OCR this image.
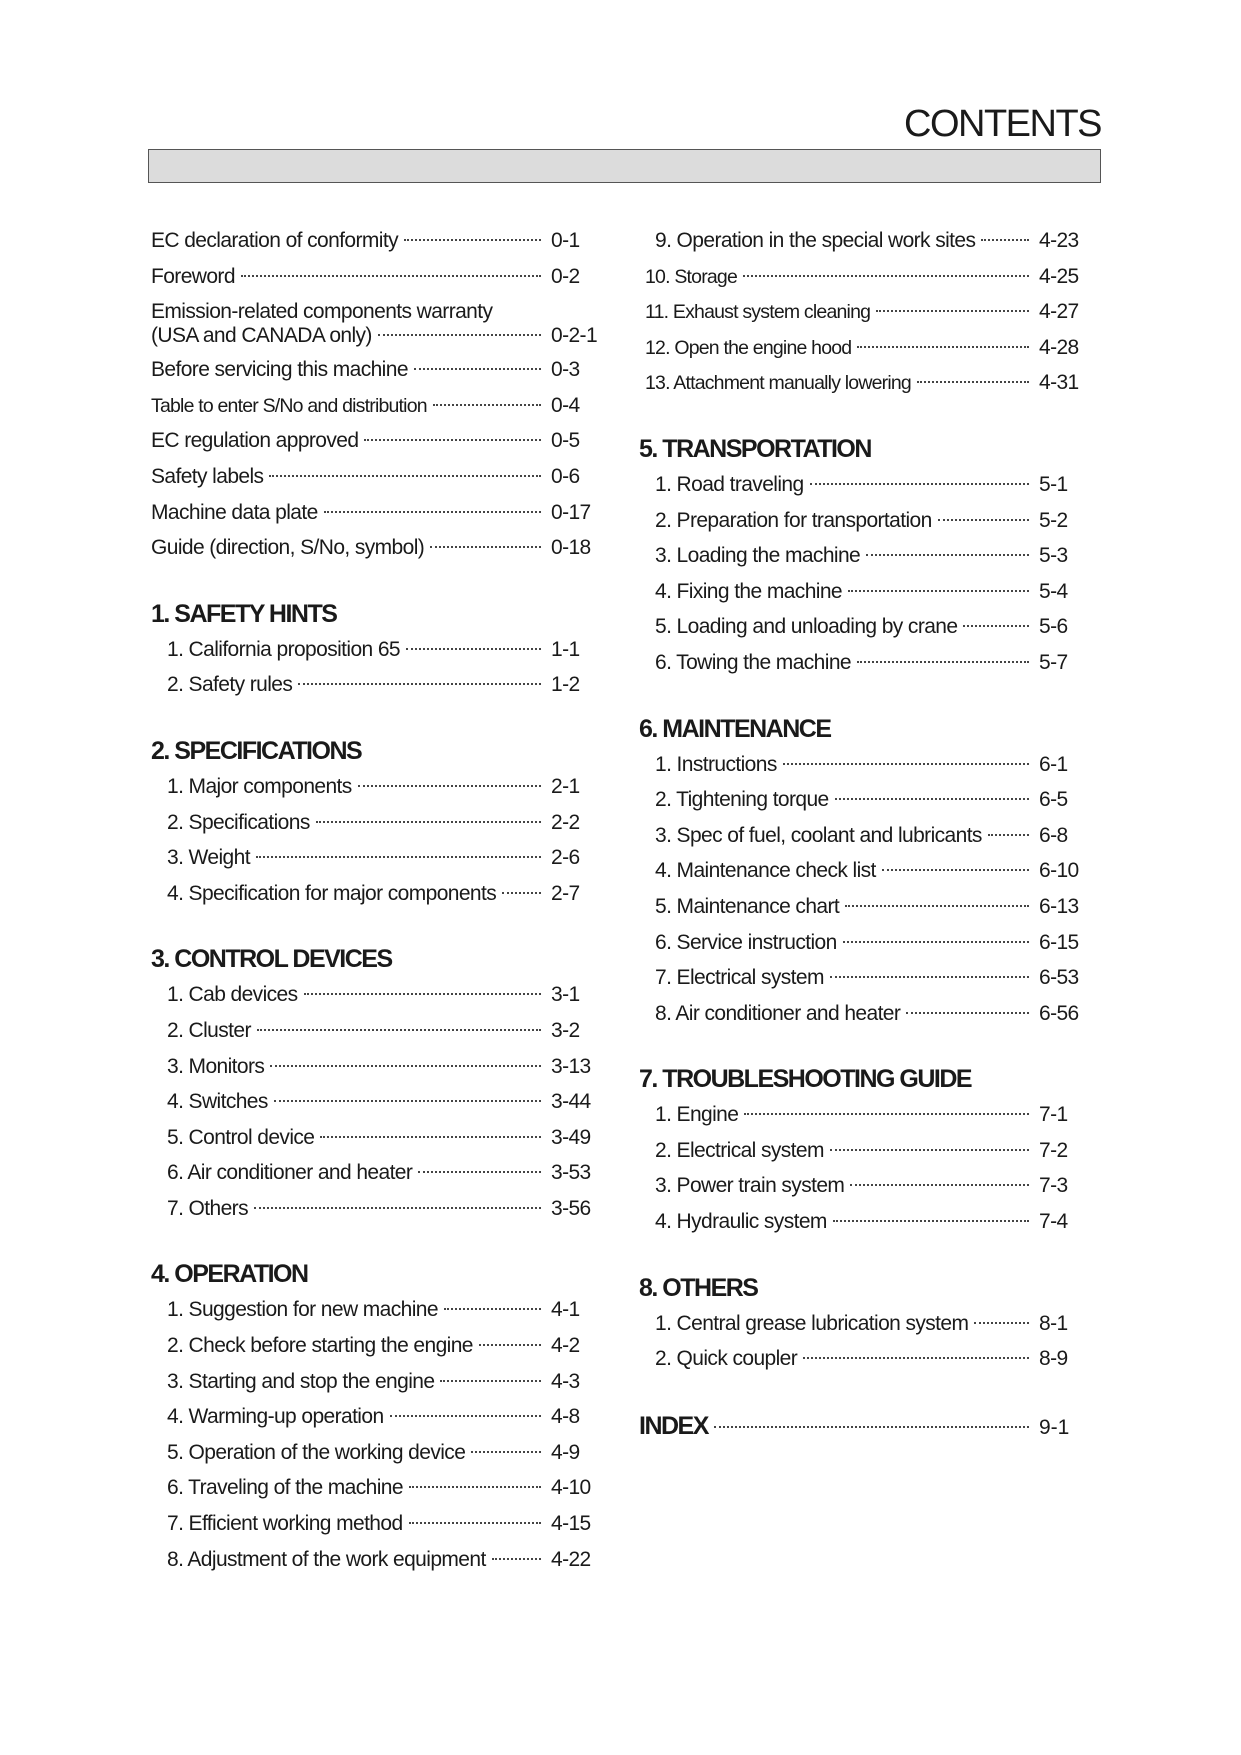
CONTENTS
EC declaration of conformity	0-1
Foreword	0-2
Emission-related components warranty
(USA and CANADA only)	0-2-1
Before servicing this machine	0-3
Table to enter S/No and distribution	0-4
EC regulation approved	0-5
Safety labels	0-6
Machine data plate	0-17
Guide (direction, S/No, symbol)	0-18
1. SAFETY HINTS
1. California proposition 65	1-1
2. Safety rules	1-2
2. SPECIFICATIONS
1. Major components	2-1
2. Specifications	2-2
3. Weight	2-6
4. Specification for major components	2-7
3. CONTROL DEVICES
1. Cab devices	3-1
2. Cluster	3-2
3. Monitors	3-13
4. Switches	3-44
5. Control device	3-49
6. Air conditioner and heater	3-53
7. Others	3-56
4. OPERATION
1. Suggestion for new machine	4-1
2. Check before starting the engine	4-2
3. Starting and stop the engine	4-3
4. Warming-up operation	4-8
5. Operation of the working device	4-9
6. Traveling of the machine	4-10
7. Efficient working method	4-15
8. Adjustment of the work equipment	4-22
9. Operation in the special work sites	4-23
10. Storage	4-25
11. Exhaust system cleaning	4-27
12. Open the engine hood	4-28
13. Attachment manually lowering	4-31
5. TRANSPORTATION
1. Road traveling	5-1
2. Preparation for transportation	5-2
3. Loading the machine	5-3
4. Fixing the machine	5-4
5. Loading and unloading by crane	5-6
6. Towing the machine	5-7
6. MAINTENANCE
1. Instructions	6-1
2. Tightening torque	6-5
3. Spec of fuel, coolant and lubricants	6-8
4. Maintenance check list	6-10
5. Maintenance chart	6-13
6. Service instruction	6-15
7. Electrical system	6-53
8. Air conditioner and heater	6-56
7. TROUBLESHOOTING GUIDE
1. Engine	7-1
2. Electrical system	7-2
3. Power train system	7-3
4. Hydraulic system	7-4
8. OTHERS
1. Central grease lubrication system	8-1
2. Quick coupler	8-9
INDEX	9-1
